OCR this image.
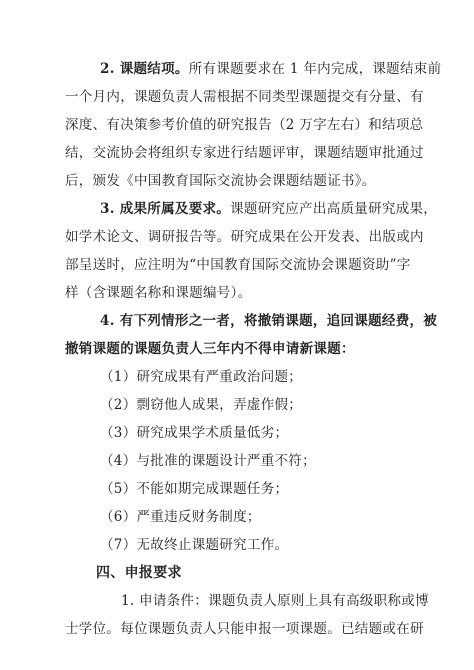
2. 课题结项。所有课题要求在 1 年内完成，课题结束前
一个月内，课题负责人需根据不同类型课题提交有分量、有
深度、有决策参考价值的研究报告（2 万字左右）和结项总
结，交流协会将组织专家进行结题评审，课题结题审批通过
后，颁发《中国教育国际交流协会课题结题证书》。
3. 成果所属及要求。课题研究应产出高质量研究成果，
如学术论文、调研报告等。研究成果在公开发表、出版或内
部呈送时，应注明为“中国教育国际交流协会课题资助”字
样（含课题名称和课题编号）。
4. 有下列情形之一者，将撤销课题，追回课题经费，被
撤销课题的课题负责人三年内不得申请新课题：
（1）研究成果有严重政治问题；
（2）剽窃他人成果，弄虚作假；
（3）研究成果学术质量低劣；
（4）与批准的课题设计严重不符；
（5）不能如期完成课题任务；
（6）严重违反财务制度；
（7）无故终止课题研究工作。
四、申报要求
1. 申请条件：课题负责人原则上具有高级职称或博
士学位。每位课题负责人只能申报一项课题。已结题或在研
